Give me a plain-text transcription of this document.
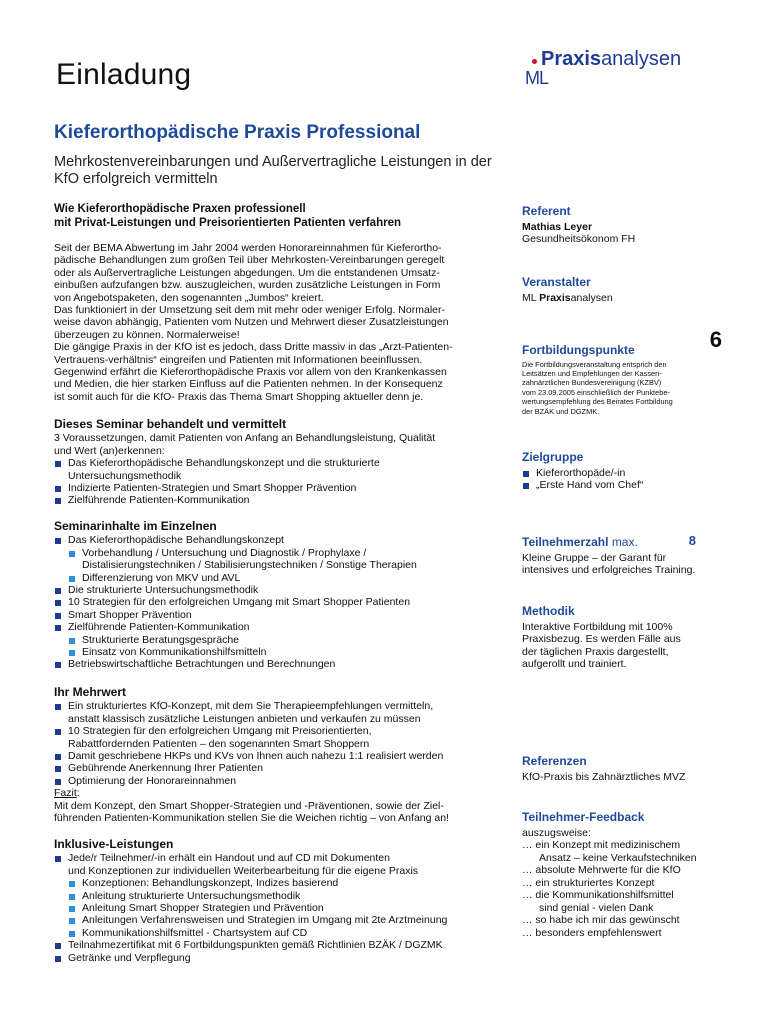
Einladung	Praxisanalysen
ML
Kieferorthopädische Praxis Professional
Mehrkostenvereinbarungen und Außervertragliche Leistungen in der KfO erfolgreich vermitteln
Wie Kieferorthopädische Praxen professionell
mit Privat-Leistungen und Preisorientierten Patienten verfahren

Seit der BEMA Abwertung im Jahr 2004 werden Honorareinnahmen für Kieferortho-

pädische Behandlungen zum großen Teil über Mehrkosten-Vereinbarungen geregelt

oder als Außervertragliche Leistungen abgedungen. Um die entstandenen Umsatz-

einbußen aufzufangen bzw. auszugleichen, wurden zusätzliche Leistungen in Form

von Angebotspaketen, den sogenannten „Jumbos“ kreiert.

Das funktioniert in der Umsetzung seit dem mit mehr oder weniger Erfolg. Normaler-

weise davon abhängig, Patienten vom Nutzen und Mehrwert dieser Zusatzleistungen

überzeugen zu können. Normalerweise!

Die gängige Praxis in der KfO ist es jedoch, dass Dritte massiv in das „Arzt-Patienten-

Vertrauens-verhältnis“ eingreifen und Patienten mit Informationen beeinflussen.

Gegenwind erfährt die Kieferorthopädische Praxis vor allem von den Krankenkassen

und Medien, die hier starken Einfluss auf die Patienten nehmen. In der Konsequenz

ist somit auch für die KfO- Praxis das Thema Smart Shopping aktueller denn je.

Dieses Seminar behandelt und vermittelt
3 Voraussetzungen, damit Patienten von Anfang an Behandlungsleistung, Qualität
und Wert (an)erkennen:
Das Kieferorthopädische Behandlungskonzept und die strukturierte
Untersuchungsmethodik
Indizierte Patienten-Strategien und Smart Shopper Prävention
Zielführende Patienten-Kommunikation
Seminarinhalte im Einzelnen
Das Kieferorthopädische Behandlungskonzept
Vorbehandlung / Untersuchung und Diagnostik / Prophylaxe /
Distalisierungstechniken / Stabilisierungstechniken / Sonstige Therapien
Differenzierung von MKV und AVL
Die strukturierte Untersuchungsmethodik
10 Strategien für den erfolgreichen Umgang mit Smart Shopper Patienten
Smart Shopper Prävention
Zielführende Patienten-Kommunikation
Strukturierte Beratungsgespräche
Einsatz von Kommunikationshilfsmitteln
Betriebswirtschaftliche Betrachtungen und Berechnungen
Ihr Mehrwert
Ein strukturiertes KfO-Konzept, mit dem Sie Therapieempfehlungen vermitteln,
anstatt klassisch zusätzliche Leistungen anbieten und verkaufen zu müssen
10 Strategien für den erfolgreichen Umgang mit Preisorientierten,
Rabattfordernden Patienten – den sogenannten Smart Shoppern
Damit geschriebene HKPs und KVs von Ihnen auch nahezu 1:1 realisiert werden
Gebührende Anerkennung Ihrer Patienten
Optimierung der Honorareinnahmen
Fazit:
Mit dem Konzept, den Smart Shopper-Strategien und -Präventionen, sowie der Ziel-
führenden Patienten-Kommunikation stellen Sie die Weichen richtig – von Anfang an!
Inklusive-Leistungen
Jede/r Teilnehmer/-in erhält ein Handout und auf CD mit Dokumenten
und Konzeptionen zur individuellen Weiterbearbeitung für die eigene Praxis
Konzeptionen: Behandlungskonzept, Indizes basierend
Anleitung strukturierte Untersuchungsmethodik
Anleitung Smart Shopper Strategien und Prävention
Anleitungen Verfahrensweisen und Strategien im Umgang mit 2te Arztmeinung
Kommunikationshilfsmittel - Chartsystem auf CD
Teilnahmezertifikat mit 6 Fortbildungspunkten gemäß Richtlinien BZÄK / DGZMK
Getränke und Verpflegung
Referent
Mathias Leyer
Gesundheitsökonom FH
Veranstalter
ML Praxisanalysen
Fortbildungspunkte	6
Die Fortbildungsveranstaltung entsprich den
Leitsätzen und Empfehlungen der Kassen-
zahnärztlichen Bundesvereinigung (KZBV)
vom 23.09.2005 einschließlich der Punktebe-
wertungsempfehlung des Beirates Fortbildung
der BZÄK und DGZMK.
Zielgruppe
Kieferorthopäde/-in
„Erste Hand vom Chef“
Teilnehmerzahl max.	8
Kleine Gruppe – der Garant für
intensives und erfolgreiches Training.
Methodik
Interaktive Fortbildung mit 100%
Praxisbezug. Es werden Fälle aus
der täglichen Praxis dargestellt,
aufgerollt und trainiert.
Referenzen
KfO-Praxis bis Zahnärztliches MVZ
Teilnehmer-Feedback
auszugsweise:
… ein Konzept mit medizinischem
Ansatz – keine Verkaufstechniken
… absolute Mehrwerte für die KfO
… ein strukturiertes Konzept
… die Kommunikationshilfsmittel
sind genial - vielen Dank
… so habe ich mir das gewünscht
… besonders empfehlenswert
